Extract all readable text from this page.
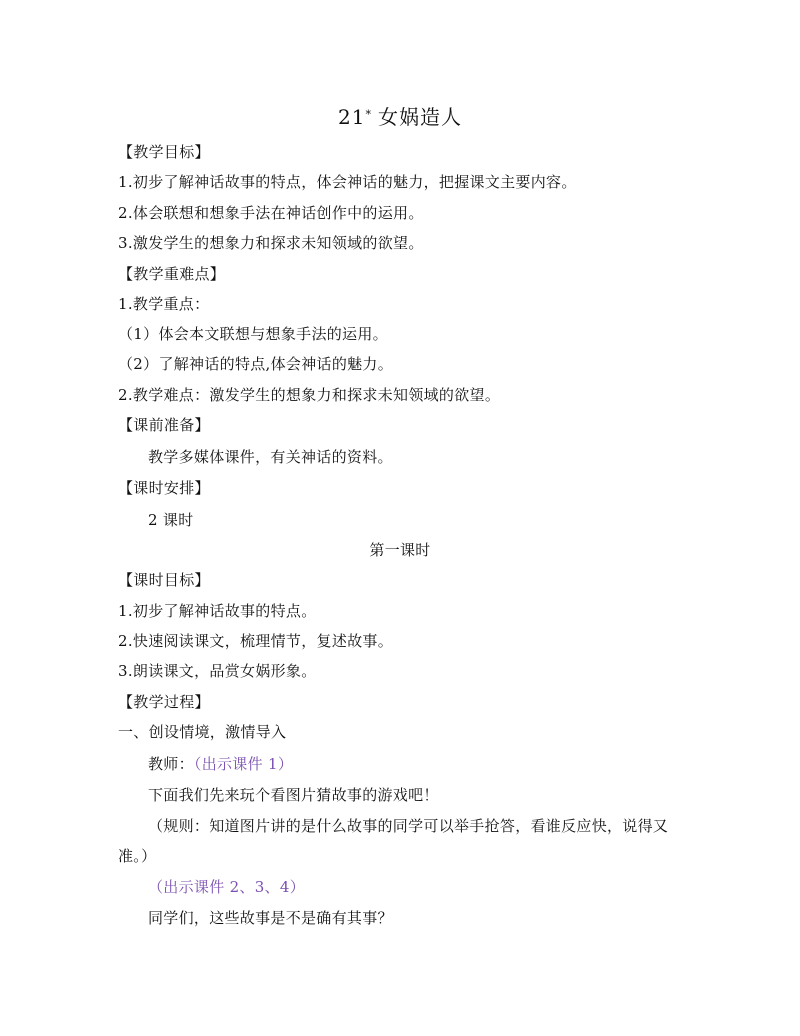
21* 女娲造人
【教学目标】
1.初步了解神话故事的特点，体会神话的魅力，把握课文主要内容。
2.体会联想和想象手法在神话创作中的运用。
3.激发学生的想象力和探求未知领域的欲望。
【教学重难点】
1.教学重点：
（1）体会本文联想与想象手法的运用。
（2）了解神话的特点,体会神话的魅力。
2.教学难点：激发学生的想象力和探求未知领域的欲望。
【课前准备】
教学多媒体课件，有关神话的资料。
【课时安排】
2 课时
第一课时
【课时目标】
1.初步了解神话故事的特点。
2.快速阅读课文，梳理情节，复述故事。
3.朗读课文，品赏女娲形象。
【教学过程】
一、创设情境，激情导入
教师：（出示课件 1）
下面我们先来玩个看图片猜故事的游戏吧！
（规则：知道图片讲的是什么故事的同学可以举手抢答，看谁反应快，说得又
准。）
（出示课件 2、3、4）
同学们，这些故事是不是确有其事？
